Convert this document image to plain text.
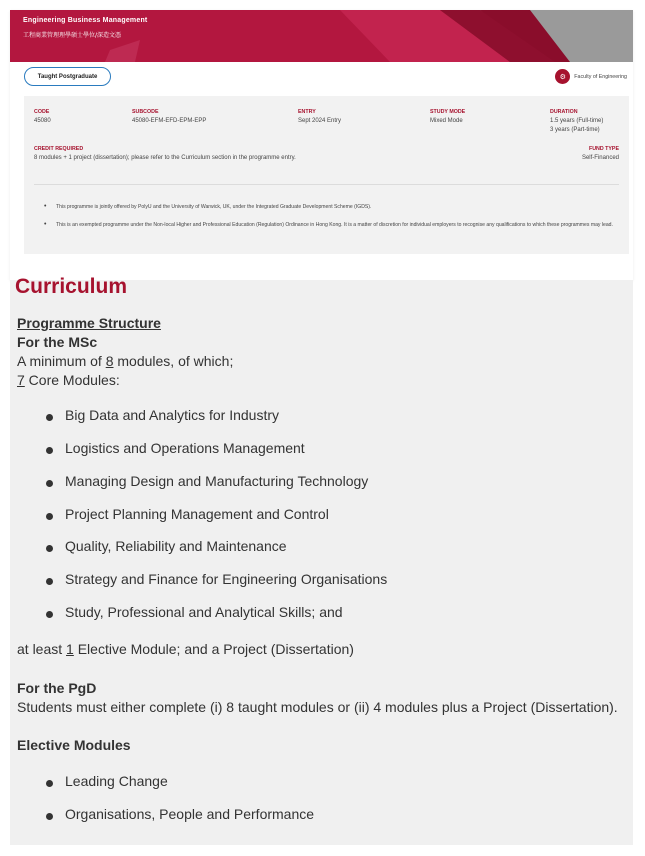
Engineering Business Management
工程商業管理理學碩士學位/深造文憑
Taught Postgraduate	⚙	Faculty of Engineering
CODE
45080
SUBCODE
45080-EFM-EFD-EPM-EPP
ENTRY
Sept 2024 Entry
STUDY MODE
Mixed Mode
DURATION
1.5 years (Full-time)
3 years (Part-time)
CREDIT REQUIRED
8 modules + 1 project (dissertation); please refer to the Curriculum section in the programme entry.
FUND TYPE
Self-Financed
• This programme is jointly offered by PolyU and the University of Warwick, UK, under the Integrated Graduate Development Scheme (IGDS).
• This is an exempted programme under the Non-local Higher and Professional Education (Regulation) Ordinance in Hong Kong. It is a matter of discretion for individual employers to recognise any qualifications to which these programmes may lead.
Curriculum
Programme Structure
For the MSc
A minimum of 8 modules, of which;
7 Core Modules:
Big Data and Analytics for Industry
Logistics and Operations Management
Managing Design and Manufacturing Technology
Project Planning Management and Control
Quality, Reliability and Maintenance
Strategy and Finance for Engineering Organisations
Study, Professional and Analytical Skills; and
at least 1 Elective Module; and a Project (Dissertation)
For the PgD
Students must either complete (i) 8 taught modules or (ii) 4 modules plus a Project (Dissertation).
Elective Modules
Leading Change
Organisations, People and Performance
